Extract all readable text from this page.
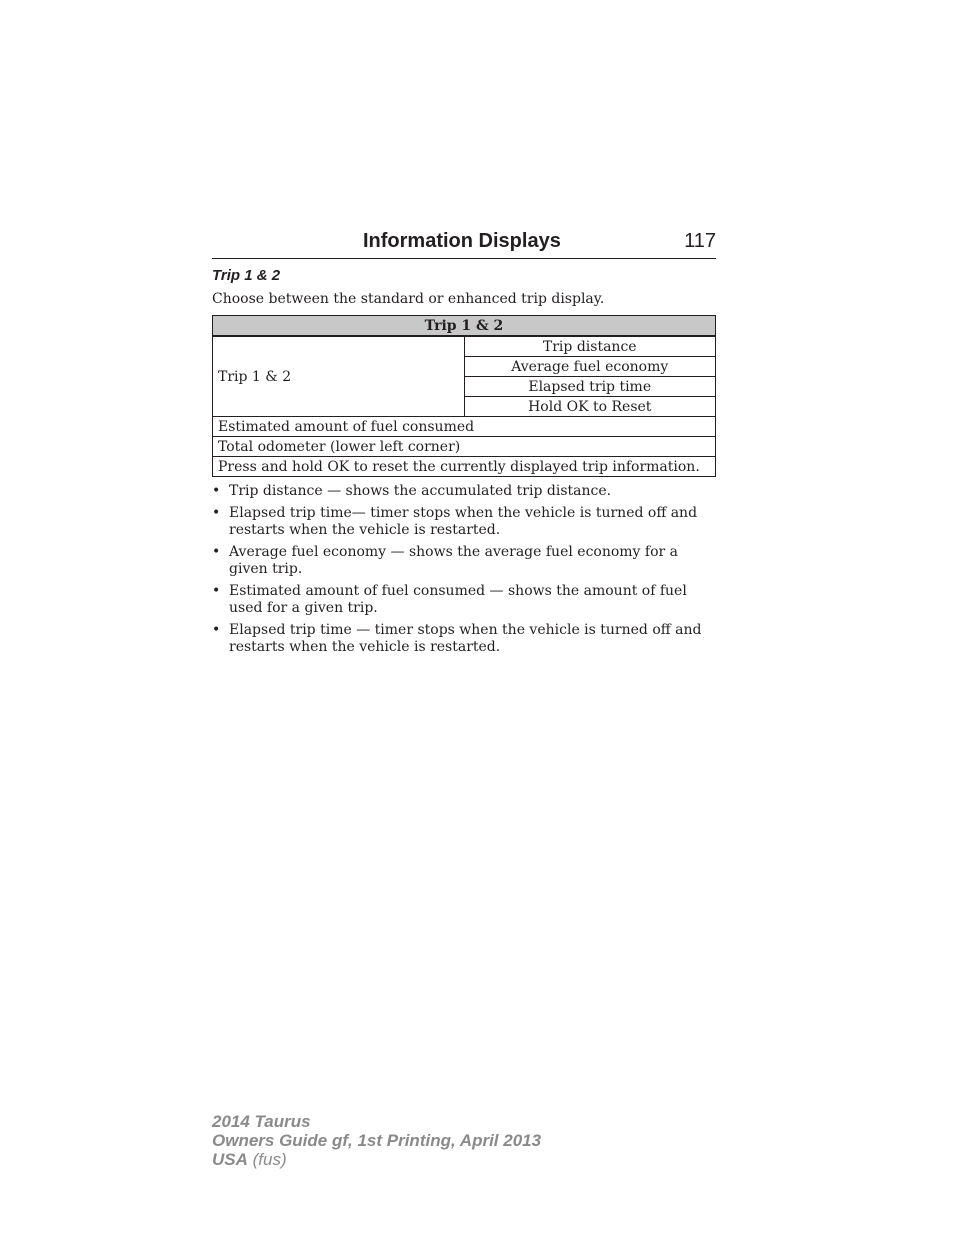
Information Displays	117
Trip 1 & 2
Choose between the standard or enhanced trip display.
Trip 1 & 2
Trip 1 & 2	Trip distance
Average fuel economy
Elapsed trip time
Hold OK to Reset
Estimated amount of fuel consumed
Total odometer (lower left corner)
Press and hold OK to reset the currently displayed trip information.
• Trip distance — shows the accumulated trip distance.
• Elapsed trip time— timer stops when the vehicle is turned off and restarts when the vehicle is restarted.
• Average fuel economy — shows the average fuel economy for a given trip.
• Estimated amount of fuel consumed — shows the amount of fuel used for a given trip.
• Elapsed trip time — timer stops when the vehicle is turned off and restarts when the vehicle is restarted.
2014 Taurus
Owners Guide gf, 1st Printing, April 2013
USA (fus)
